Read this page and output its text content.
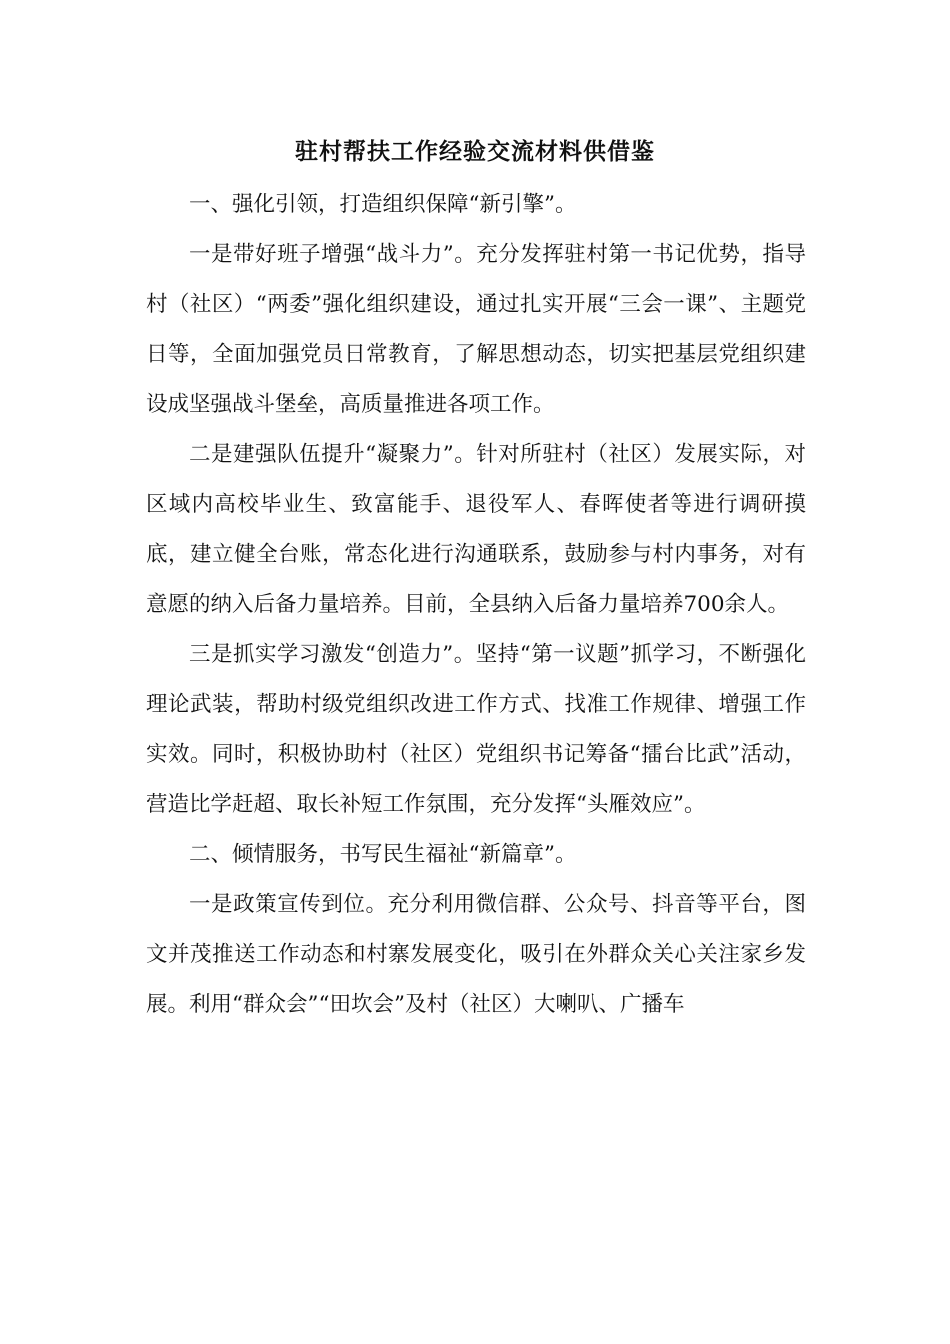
驻村帮扶工作经验交流材料供借鉴

一、强化引领，打造组织保障“新引擎”。

一是带好班子增强“战斗力”。充分发挥驻村第一书记优势，指导村（社区）“两委”强化组织建设，通过扎实开展“三会一课”、主题党日等，全面加强党员日常教育，了解思想动态，切实把基层党组织建设成坚强战斗堡垒，高质量推进各项工作。

二是建强队伍提升“凝聚力”。针对所驻村（社区）发展实际，对区域内高校毕业生、致富能手、退役军人、春晖使者等进行调研摸底，建立健全台账，常态化进行沟通联系，鼓励参与村内事务，对有意愿的纳入后备力量培养。目前，全县纳入后备力量培养700余人。

三是抓实学习激发“创造力”。坚持“第一议题”抓学习，不断强化理论武装，帮助村级党组织改进工作方式、找准工作规律、增强工作实效。同时，积极协助村（社区）党组织书记筹备“擂台比武”活动，营造比学赶超、取长补短工作氛围，充分发挥“头雁效应”。

二、倾情服务，书写民生福祉“新篇章”。

一是政策宣传到位。充分利用微信群、公众号、抖音等平台，图文并茂推送工作动态和村寨发展变化，吸引在外群众关心关注家乡发展。利用“群众会”“田坎会”及村（社区）大喇叭、广播车
